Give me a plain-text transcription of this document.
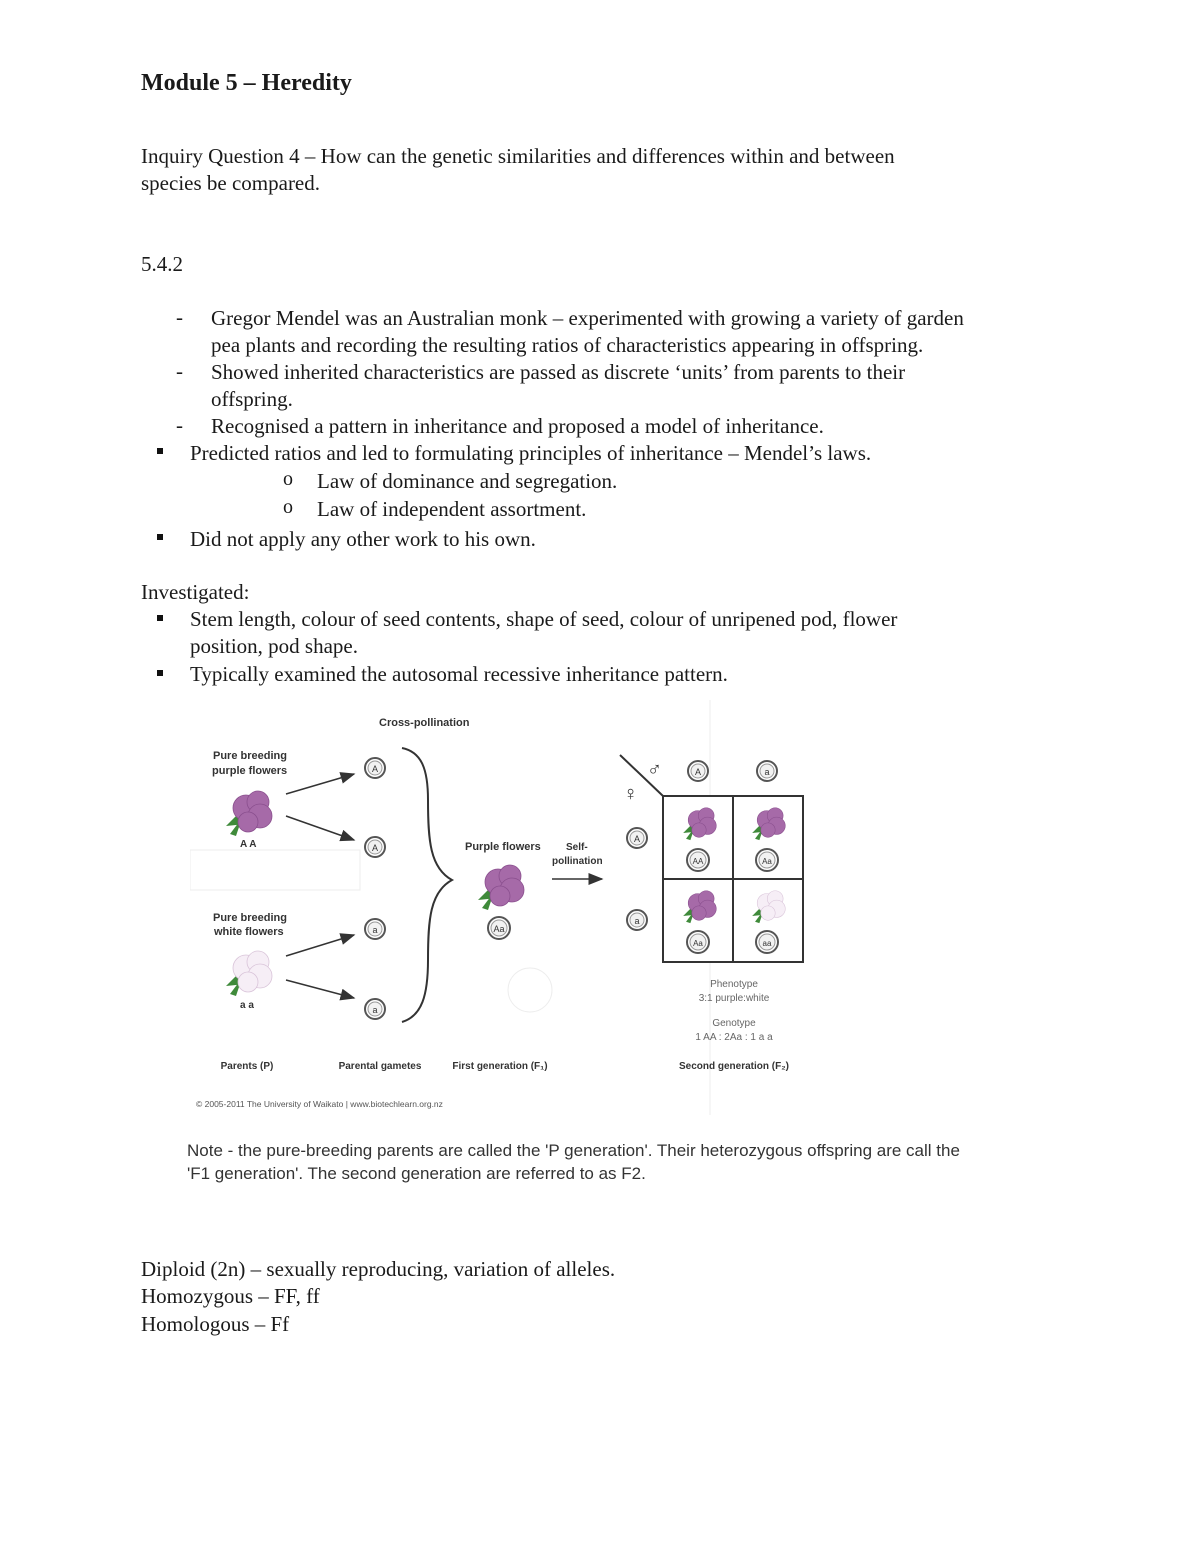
Module 5 – Heredity
Inquiry Question 4 – How can the genetic similarities and differences within and between
species be compared.
5.4.2
- Gregor Mendel was an Australian monk – experimented with growing a variety of garden
pea plants and recording the resulting ratios of characteristics appearing in offspring.
- Showed inherited characteristics are passed as discrete ‘units’ from parents to their
offspring.
- Recognised a pattern in inheritance and proposed a model of inheritance.
Predicted ratios and led to formulating principles of inheritance – Mendel’s laws.
o Law of dominance and segregation.
o Law of independent assortment.
Did not apply any other work to his own.
Investigated:
Stem length, colour of seed contents, shape of seed, colour of unripened pod, flower
position, pod shape.
Typically examined the autosomal recessive inheritance pattern.
Cross-pollination
Pure breeding
purple flowers
A A
Pure breeding
white flowers
a a
A
A
a
a
Purple flowers
Aa
Self-
pollination
♂
♀
A	a
A
a
AA	Aa
Aa	aa
Phenotype
3:1 purple:white
Genotype
1 AA : 2Aa : 1 a a
Parents (P)	Parental gametes	First generation (F₁)	Second generation (F₂)
© 2005-2011 The University of Waikato | www.biotechlearn.org.nz
Note - the pure-breeding parents are called the 'P generation'. Their heterozygous offspring are call the
'F1 generation'. The second generation are referred to as F2.
Diploid (2n) – sexually reproducing, variation of alleles.
Homozygous – FF, ff
Homologous – Ff
